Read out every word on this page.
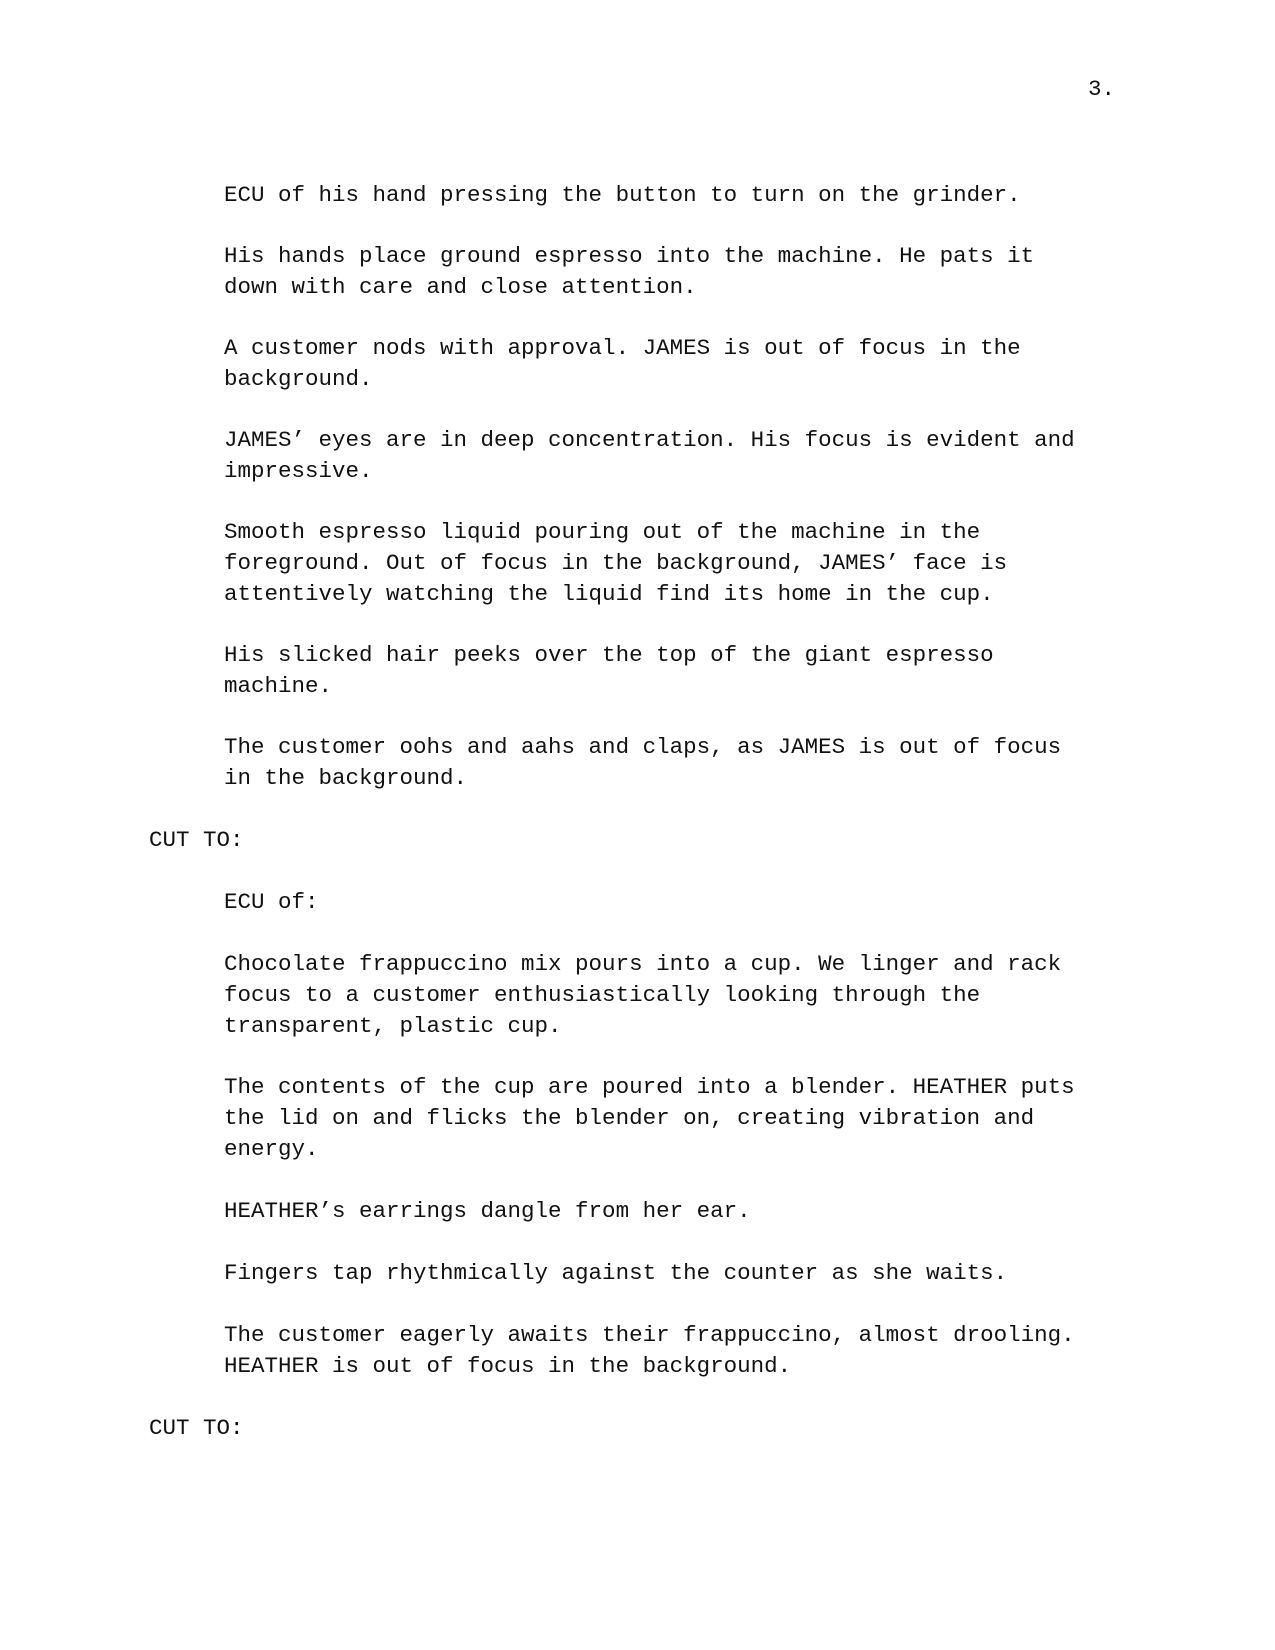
3.
ECU of his hand pressing the button to turn on the grinder.
His hands place ground espresso into the machine. He pats it
down with care and close attention.
A customer nods with approval. JAMES is out of focus in the
background.
JAMES’ eyes are in deep concentration. His focus is evident and
impressive.
Smooth espresso liquid pouring out of the machine in the
foreground. Out of focus in the background, JAMES’ face is
attentively watching the liquid find its home in the cup.
His slicked hair peeks over the top of the giant espresso
machine.
The customer oohs and aahs and claps, as JAMES is out of focus
in the background.
CUT TO:
ECU of:
Chocolate frappuccino mix pours into a cup. We linger and rack
focus to a customer enthusiastically looking through the
transparent, plastic cup.
The contents of the cup are poured into a blender. HEATHER puts
the lid on and flicks the blender on, creating vibration and
energy.
HEATHER’s earrings dangle from her ear.
Fingers tap rhythmically against the counter as she waits.
The customer eagerly awaits their frappuccino, almost drooling.
HEATHER is out of focus in the background.
CUT TO:
